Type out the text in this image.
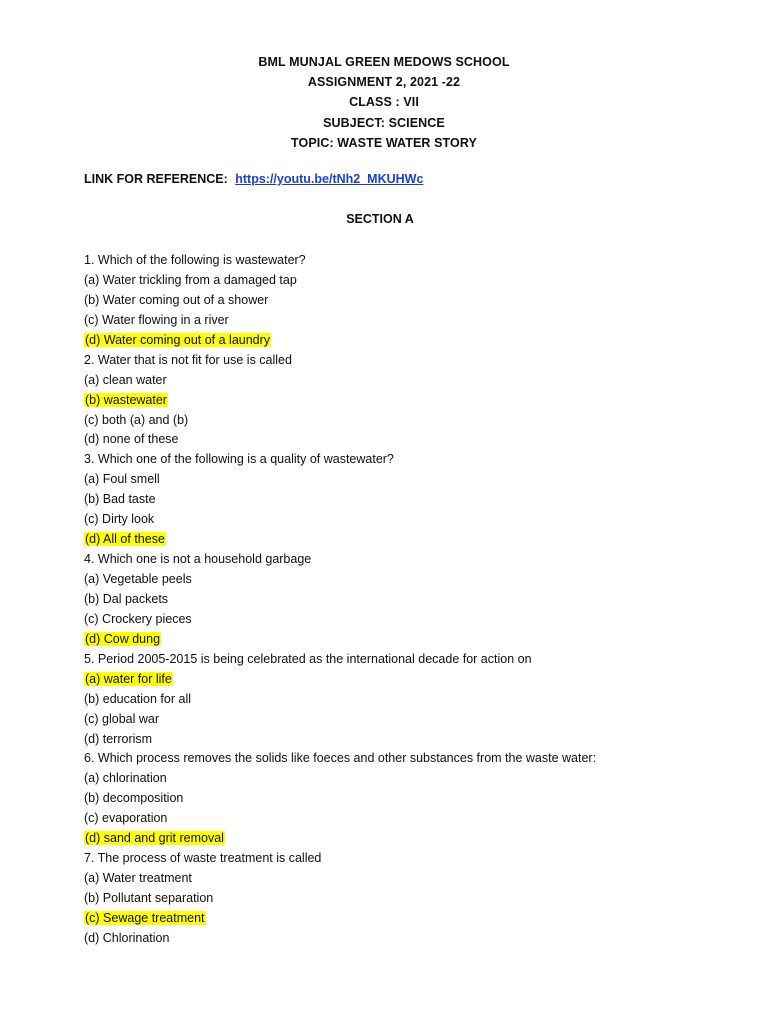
BML MUNJAL GREEN MEDOWS SCHOOL
ASSIGNMENT 2, 2021 -22
CLASS : VII
SUBJECT: SCIENCE
TOPIC: WASTE WATER STORY
LINK FOR REFERENCE: https://youtu.be/tNh2_MKUHWc
SECTION A
1. Which of the following is wastewater?
(a) Water trickling from a damaged tap
(b) Water coming out of a shower
(c) Water flowing in a river
(d) Water coming out of a laundry
2. Water that is not fit for use is called
(a) clean water
(b) wastewater
(c) both (a) and (b)
(d) none of these
3. Which one of the following is a quality of wastewater?
(a) Foul smell
(b) Bad taste
(c) Dirty look
(d) All of these
4. Which one is not a household garbage
(a) Vegetable peels
(b) Dal packets
(c) Crockery pieces
(d) Cow dung
5. Period 2005-2015 is being celebrated as the international decade for action on
(a) water for life
(b) education for all
(c) global war
(d) terrorism
6. Which process removes the solids like foeces and other substances from the waste water:
(a) chlorination
(b) decomposition
(c) evaporation
(d) sand and grit removal
7. The process of waste treatment is called
(a) Water treatment
(b) Pollutant separation
(c) Sewage treatment
(d) Chlorination
